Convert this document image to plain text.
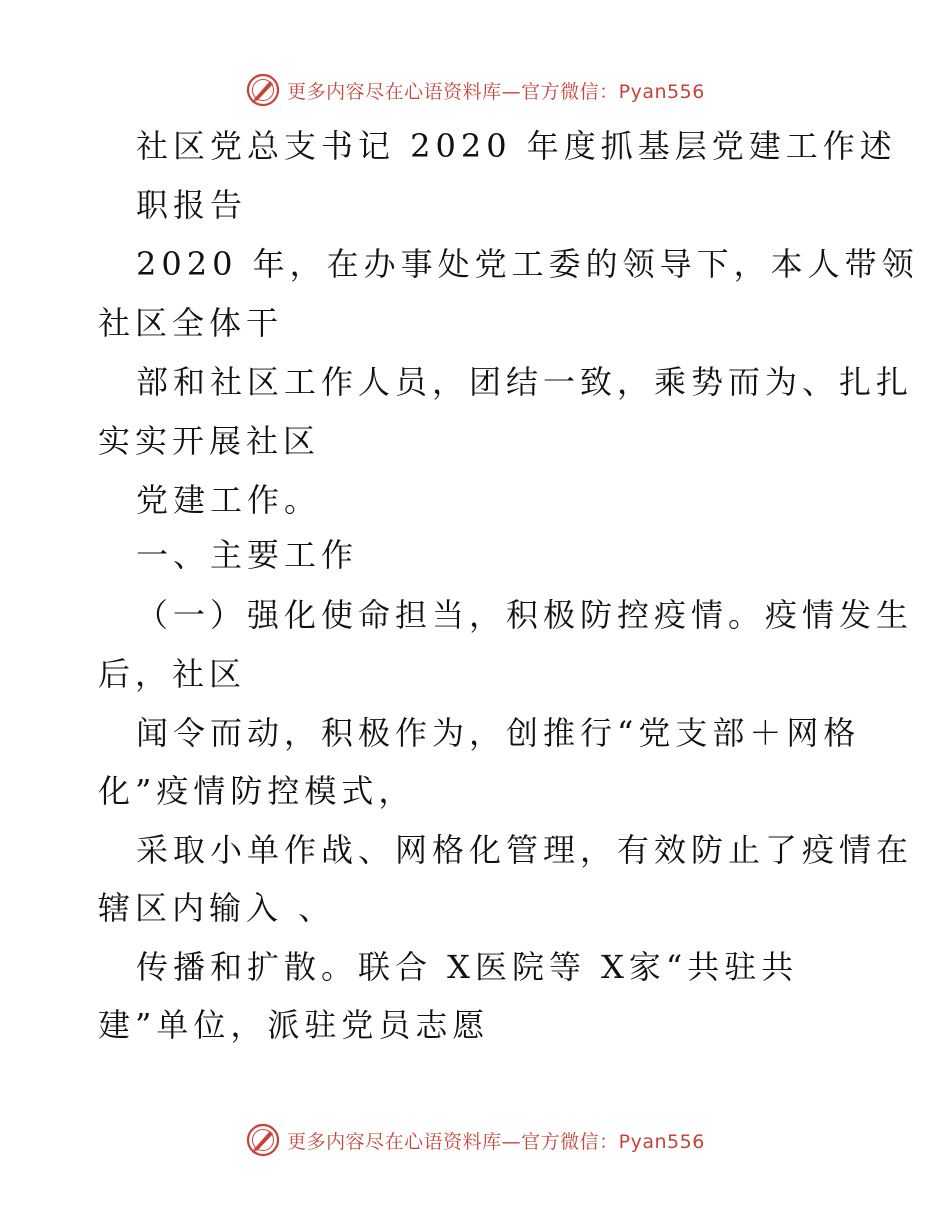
更多内容尽在心语资料库—官方微信：Pyan556
社区党总支书记 2020 年度抓基层党建工作述
职报告
2020 年，在办事处党工委的领导下，本人带领
社区全体干
部和社区工作人员，团结一致，乘势而为、扎扎
实实开展社区
党建工作。
一、主要工作
（一）强化使命担当，积极防控疫情。疫情发生
后，社区
闻令而动，积极作为，创推行“党支部＋网格
化”疫情防控模式，
采取小单作战、网格化管理，有效防止了疫情在
辖区内输入 、
传播和扩散。联合 X医院等 X家“共驻共
建”单位，派驻党员志愿
更多内容尽在心语资料库—官方微信：Pyan556
